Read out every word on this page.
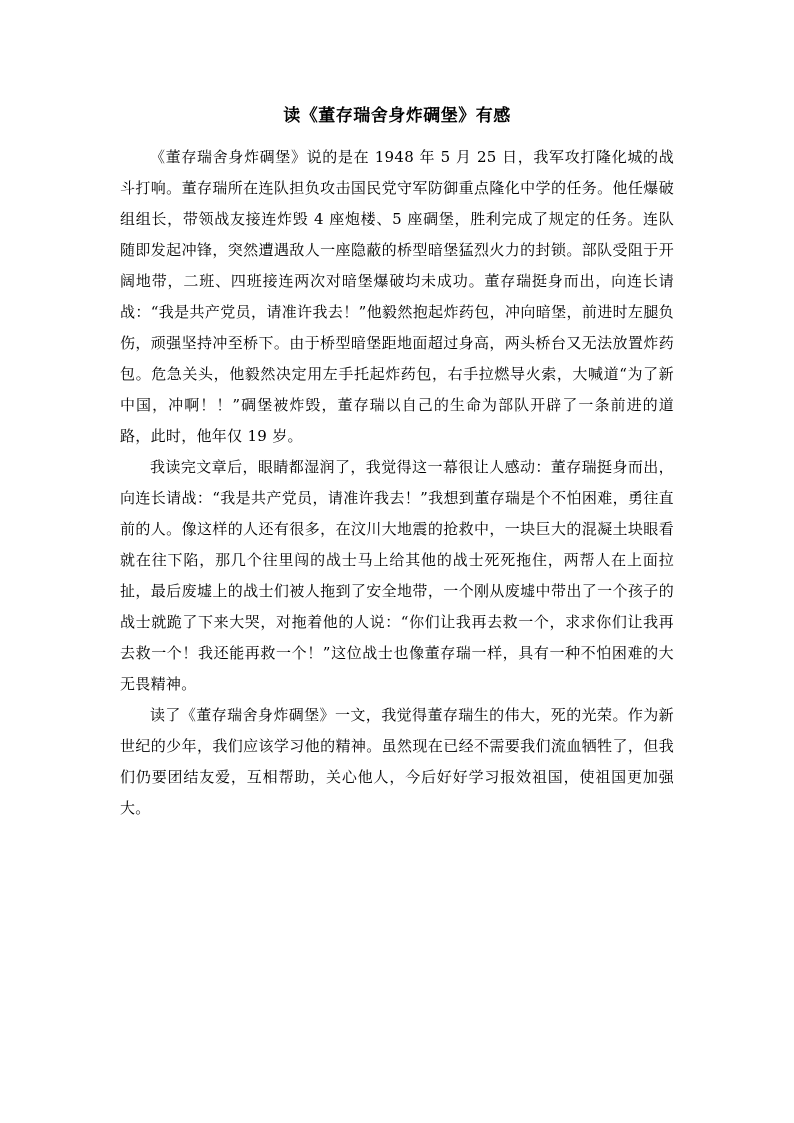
读《董存瑞舍身炸碉堡》有感

《董存瑞舍身炸碉堡》说的是在 1948 年 5 月 25 日，我军攻打隆化城的战斗打响。董存瑞所在连队担负攻击国民党守军防御重点隆化中学的任务。他任爆破组组长，带领战友接连炸毁 4 座炮楼、5 座碉堡，胜利完成了规定的任务。连队随即发起冲锋，突然遭遇敌人一座隐蔽的桥型暗堡猛烈火力的封锁。部队受阻于开阔地带，二班、四班接连两次对暗堡爆破均未成功。董存瑞挺身而出，向连长请战：“我是共产党员，请准许我去！”他毅然抱起炸药包，冲向暗堡，前进时左腿负伤，顽强坚持冲至桥下。由于桥型暗堡距地面超过身高，两头桥台又无法放置炸药包。危急关头，他毅然决定用左手托起炸药包，右手拉燃导火索，大喊道“为了新中国，冲啊！！”碉堡被炸毁，董存瑞以自己的生命为部队开辟了一条前进的道路，此时，他年仅 19 岁。

我读完文章后，眼睛都湿润了，我觉得这一幕很让人感动：董存瑞挺身而出，向连长请战：“我是共产党员，请准许我去！”我想到董存瑞是个不怕困难，勇往直前的人。像这样的人还有很多，在汶川大地震的抢救中，一块巨大的混凝土块眼看就在往下陷，那几个往里闯的战士马上给其他的战士死死拖住，两帮人在上面拉扯，最后废墟上的战士们被人拖到了安全地带，一个刚从废墟中带出了一个孩子的战士就跪了下来大哭，对拖着他的人说：“你们让我再去救一个，求求你们让我再去救一个！我还能再救一个！”这位战士也像董存瑞一样，具有一种不怕困难的大无畏精神。

读了《董存瑞舍身炸碉堡》一文，我觉得董存瑞生的伟大，死的光荣。作为新世纪的少年，我们应该学习他的精神。虽然现在已经不需要我们流血牺牲了，但我们仍要团结友爱，互相帮助，关心他人，今后好好学习报效祖国，使祖国更加强大。
